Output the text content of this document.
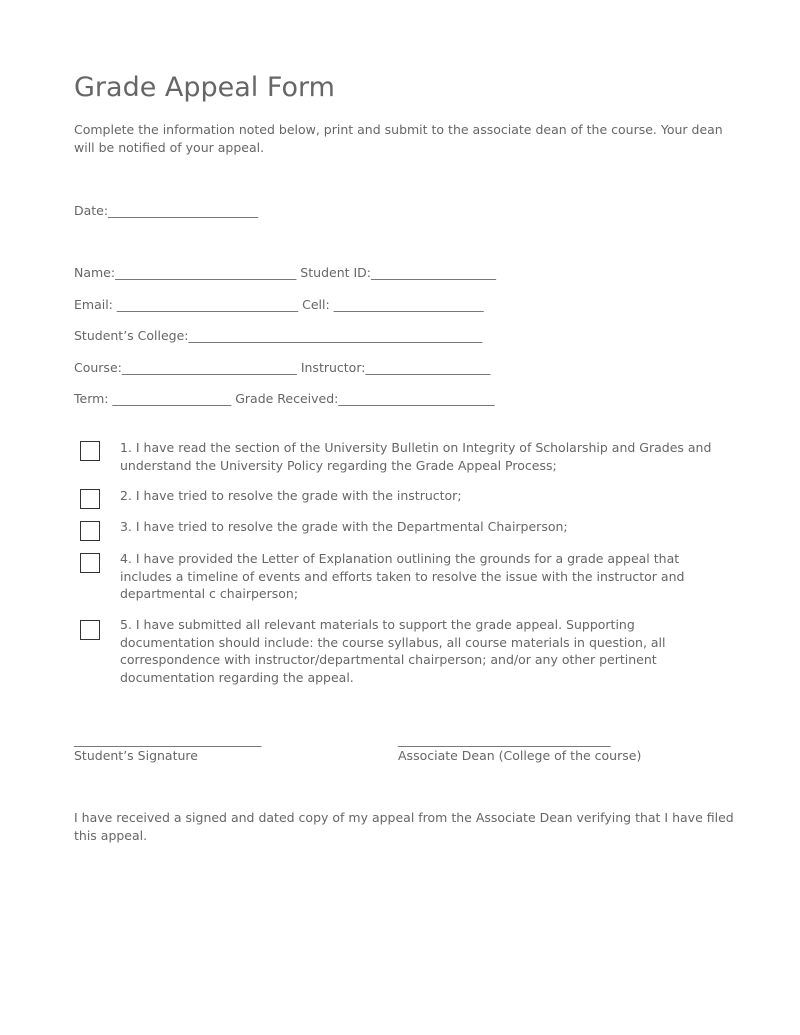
Grade Appeal Form

Complete the information noted below, print and submit to the associate dean of the course. Your dean will be notified of your appeal.

Date:________________________

Name:_____________________________ Student ID:____________________

Email: _____________________________ Cell: ________________________

Student’s College:_______________________________________________

Course:____________________________ Instructor:____________________

Term: ___________________ Grade Received:_________________________

1. I have read the section of the University Bulletin on Integrity of Scholarship and Grades and understand the University Policy regarding the Grade Appeal Process;

2. I have tried to resolve the grade with the instructor;

3. I have tried to resolve the grade with the Departmental Chairperson;

4. I have provided the Letter of Explanation outlining the grounds for a grade appeal that includes a timeline of events and efforts taken to resolve the issue with the instructor and departmental c chairperson;

5. I have submitted all relevant materials to support the grade appeal. Supporting documentation should include: the course syllabus, all course materials in question, all correspondence with instructor/departmental chairperson; and/or any other pertinent documentation regarding the appeal.

______________________________

Student’s Signature

__________________________________

Associate Dean (College of the course)

I have received a signed and dated copy of my appeal from the Associate Dean verifying that I have filed this appeal.
